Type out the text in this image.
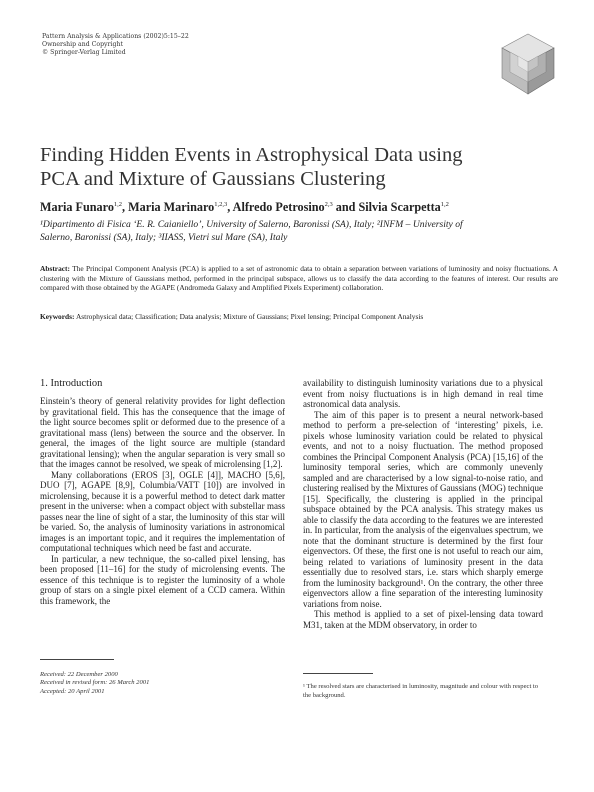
Pattern Analysis & Applications (2002)5:15–22
Ownership and Copyright
© Springer-Verlag Limited
Finding Hidden Events in Astrophysical Data using
PCA and Mixture of Gaussians Clustering
Maria Funaro$^{1,2}$, Maria Marinaro$^{1,2,3}$, Alfredo Petrosino$^{2,3}$ and Silvia Scarpetta$^{1,2}$
¹Dipartimento di Fisica ‘E. R. Caianiello’, University of Salerno, Baronissi (SA), Italy; ²INFM – University of
Salerno, Baronissi (SA), Italy; ³IIASS, Vietri sul Mare (SA), Italy
Abstract: The Principal Component Analysis (PCA) is applied to a set of astronomic data to obtain a separation between variations of luminosity and noisy fluctuations. A clustering with the Mixture of Gaussians method, performed in the principal subspace, allows us to classify the data according to the features of interest. Our results are compared with those obtained by the AGAPE (Andromeda Galaxy and Amplified Pixels Experiment) collaboration.
Keywords: Astrophysical data; Classification; Data analysis; Mixture of Gaussians; Pixel lensing; Principal Component Analysis
1. Introduction

Einstein’s theory of general relativity provides for light deflection by gravitational field. This has the consequence that the image of the light source becomes split or deformed due to the presence of a gravitational mass (lens) between the source and the observer. In general, the images of the light source are multiple (standard gravitational lensing); when the angular separation is very small so that the images cannot be resolved, we speak of microlensing [1,2].

Many collaborations (EROS [3], OGLE [4]], MACHO [5,6], DUO [7], AGAPE [8,9], Columbia/VATT [10]) are involved in microlensing, because it is a powerful method to detect dark matter present in the universe: when a compact object with substellar mass passes near the line of sight of a star, the luminosity of this star will be varied. So, the analysis of luminosity variations in astronomical images is an important topic, and it requires the implementation of computational techniques which need be fast and accurate.

In particular, a new technique, the so-called pixel lensing, has been proposed [11–16] for the study of microlensing events. The essence of this technique is to register the luminosity of a whole group of stars on a single pixel element of a CCD camera. Within this framework, the

Received: 22 December 2000
Received in revised form: 26 March 2001
Accepted: 20 April 2001

availability to distinguish luminosity variations due to a physical event from noisy fluctuations is in high demand in real time astronomical data analysis.

The aim of this paper is to present a neural network-based method to perform a pre-selection of ‘interesting’ pixels, i.e. pixels whose luminosity variation could be related to physical events, and not to a noisy fluctuation. The method proposed combines the Principal Component Analysis (PCA) [15,16] of the luminosity temporal series, which are commonly unevenly sampled and are characterised by a low signal-to-noise ratio, and clustering realised by the Mixtures of Gaussians (MOG) technique [15]. Specifically, the clustering is applied in the principal subspace obtained by the PCA analysis. This strategy makes us able to classify the data according to the features we are interested in. In particular, from the analysis of the eigenvalues spectrum, we note that the dominant structure is determined by the first four eigenvectors. Of these, the first one is not useful to reach our aim, being related to variations of luminosity present in the data essentially due to resolved stars, i.e. stars which sharply emerge from the luminosity background¹. On the contrary, the other three eigenvectors allow a fine separation of the interesting luminosity variations from noise.

This method is applied to a set of pixel-lensing data toward M31, taken at the MDM observatory, in order to

¹ The resolved stars are characterised in luminosity, magnitude and colour with respect to the background.
